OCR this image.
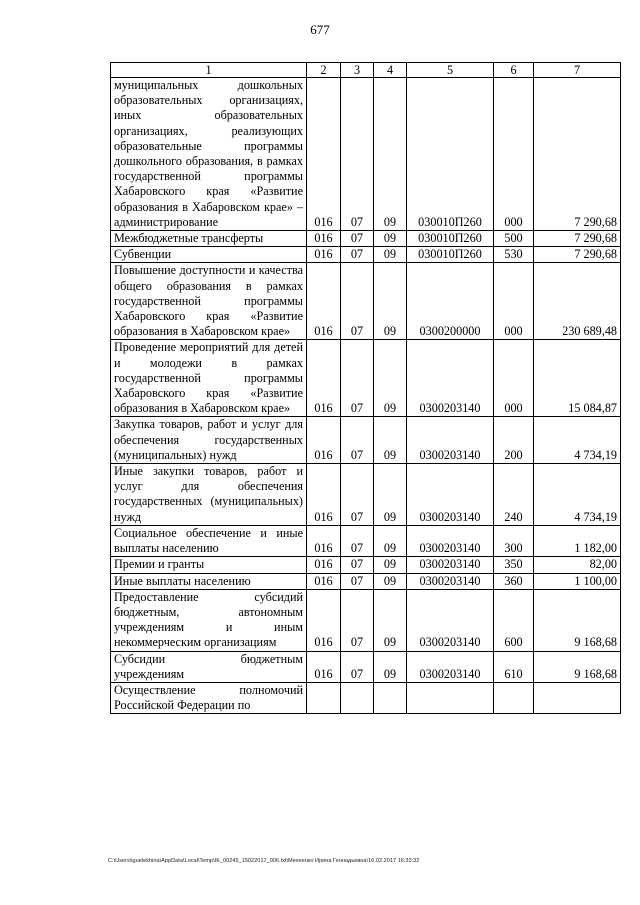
677
1	2	3	4	5	6	7
муниципальных дошкольных образовательных организациях, иных образовательных организациях, реализующих образовательные программы дошкольного образования, в рамках государственной программы Хабаровского края «Развитие образования в Хабаровском крае» – администрирование	016	07	09	030010П260	000	7 290,68
Межбюджетные трансферты	016	07	09	030010П260	500	7 290,68
Субвенции	016	07	09	030010П260	530	7 290,68
Повышение доступности и качества общего образования в рамках государственной программы Хабаровского края «Развитие образования в Хабаровском крае»	016	07	09	0300200000	000	230 689,48
Проведение мероприятий для детей и молодежи в рамках государственной программы Хабаровского края «Развитие образования в Хабаровском крае»	016	07	09	0300203140	000	15 084,87
Закупка товаров, работ и услуг для обеспечения государственных (муниципальных) нужд	016	07	09	0300203140	200	4 734,19
Иные закупки товаров, работ и услуг для обеспечения государственных (муниципальных) нужд	016	07	09	0300203140	240	4 734,19
Социальное обеспечение и иные выплаты населению	016	07	09	0300203140	300	1 182,00
Премии и гранты	016	07	09	0300203140	350	82,00
Иные выплаты населению	016	07	09	0300203140	360	1 100,00
Предоставление субсидий бюджетным, автономным учреждениям и иным некоммерческим организациям	016	07	09	0300203140	600	9 168,68
Субсидии бюджетным учреждениям	016	07	09	0300203140	610	9 168,68
Осуществление полномочий Российской Федерации по						
C:\Users\iguelekhina\AppData\Local\Temp\IK_00245_15022017_006.txt\Мехеенко Ирина Геннадьевна\16.02.2017 16:33:32
